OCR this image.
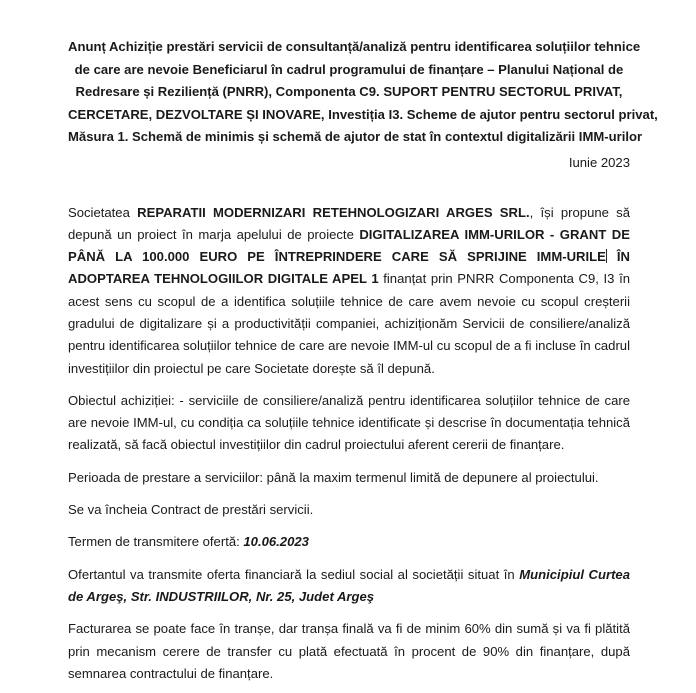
Anunț Achiziție prestări servicii de consultanță/analiză pentru identificarea soluțiilor tehnice
de care are nevoie Beneficiarul în cadrul programului de finanțare – Planului Național de
Redresare și Reziliență (PNRR), Componenta C9. SUPORT PENTRU SECTORUL PRIVAT,
CERCETARE, DEZVOLTARE ȘI INOVARE, Investiția I3. Scheme de ajutor pentru sectorul privat,
Măsura 1. Schemă de minimis și schemă de ajutor de stat în contextul digitalizării IMM-urilor
Iunie 2023

Societatea REPARATII MODERNIZARI RETEHNOLOGIZARI ARGES SRL., își propune să depună un proiect în marja apelului de proiecte DIGITALIZAREA IMM-URILOR - GRANT DE PÂNĂ LA 100.000 EURO PE ÎNTREPRINDERE CARE SĂ SPRIJINE IMM-URILE ÎN ADOPTAREA TEHNOLOGIILOR DIGITALE APEL 1 finanțat prin PNRR Componenta C9, I3 în acest sens cu scopul de a identifica soluțiile tehnice de care avem nevoie cu scopul creșterii gradului de digitalizare și a productivității companiei, achiziționăm Servicii de consiliere/analiză pentru identificarea soluțiilor tehnice de care are nevoie IMM-ul cu scopul de a fi incluse în cadrul investițiilor din proiectul pe care Societate dorește să îl depună.

Obiectul achiziției: - serviciile de consiliere/analiză pentru identificarea soluțiilor tehnice de care are nevoie IMM-ul, cu condiția ca soluțiile tehnice identificate și descrise în documentația tehnică realizată, să facă obiectul investițiilor din cadrul proiectului aferent cererii de finanțare.

Perioada de prestare a serviciilor: până la maxim termenul limită de depunere al proiectului.

Se va încheia Contract de prestări servicii.

Termen de transmitere ofertă: 10.06.2023

Ofertantul va transmite oferta financiară la sediul social al societății situat în Municipiul Curtea de Argeş, Str. INDUSTRIILOR, Nr. 25, Judet Argeş

Facturarea se poate face în tranșe, dar tranșa finală va fi de minim 60% din sumă și va fi plătită prin mecanism cerere de transfer cu plată efectuată în procent de 90% din finanțare, după semnarea contractului de finanțare.
